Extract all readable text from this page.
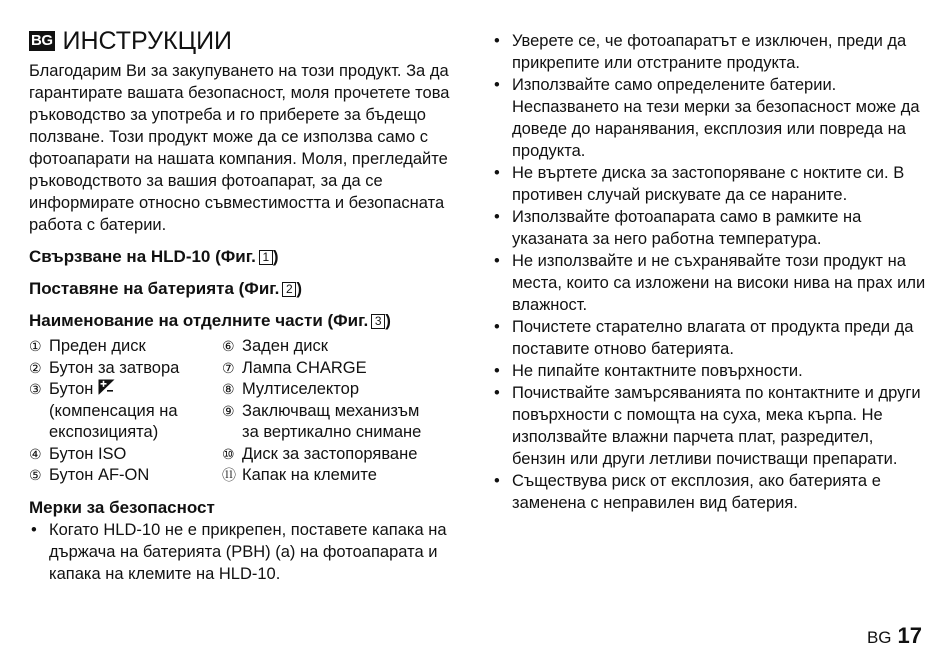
BG ИНСТРУКЦИИ

Благодарим Ви за закупуването на този продукт. За да гарантирате вашата безопасност, моля прочетете това ръководство за употреба и го приберете за бъдещо ползване. Този продукт може да се използва само с фотоапарати на нашата компания. Моля, прегледайте ръководството за вашия фотоапарат, за да се информирате относно съвместимостта и безопасната работа с батерии.

Свързване на HLD-10 (Фиг. 1 )
Поставяне на батерията (Фиг. 2 )
Наименование на отделните части (Фиг. 3 )
① Преден диск
② Бутон за затвора
③ Бутон

(компенсация на
експозицията)
④ Бутон ISO
⑤ Бутон AF-ON
⑥ Заден диск
⑦ Лампа CHARGE
⑧ Мултиселектор
⑨ Заключващ механизъм
за вертикално снимане
⑩ Диск за застопоряване
⑪ Капак на клемите
Мерки за безопасност
• Когато HLD-10 не е прикрепен, поставете капака на държача на батерията (PBH) (a) на фотоапарата и капака на клемите на HLD-10.
• Уверете се, че фотоапаратът е изключен, преди да прикрепите или отстраните продукта.
• Използвайте само определените батерии. Неспазването на тези мерки за безопасност може да доведе до наранявания, експлозия или повреда на продукта.
• Не въртете диска за застопоряване с ноктите си. В противен случай рискувате да се нараните.
• Използвайте фотоапарата само в рамките на указаната за него работна температура.
• Не използвайте и не съхранявайте този продукт на места, които са изложени на високи нива на прах или влажност.
• Почистете старателно влагата от продукта преди да поставите отново батерията.
• Не пипайте контактните повърхности.
• Почиствайте замърсяванията по контактните и други повърхности с помощта на суха, мека кърпа. Не използвайте влажни парчета плат, разредител, бензин или други летливи почистващи препарати.
• Съществува риск от експлозия, ако батерията е заменена с неправилен вид батерия.
BG 17
